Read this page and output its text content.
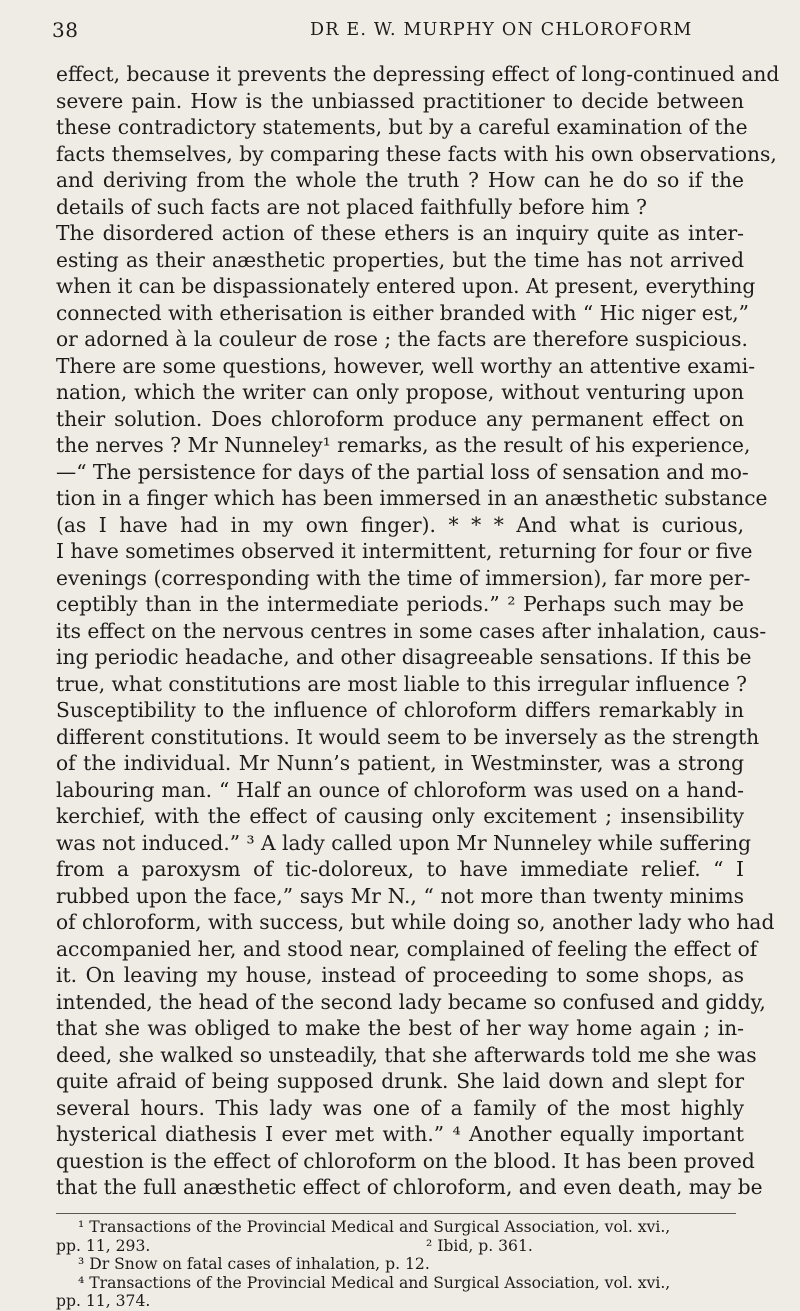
38	DR E. W. MURPHY ON CHLOROFORM
effect, because it prevents the depressing effect of long-continued and
severe pain. How is the unbiassed practitioner to decide between
these contradictory statements, but by a careful examination of the
facts themselves, by comparing these facts with his own observations,
and deriving from the whole the truth ? How can he do so if the
details of such facts are not placed faithfully before him ?
The disordered action of these ethers is an inquiry quite as inter-
esting as their anæsthetic properties, but the time has not arrived
when it can be dispassionately entered upon. At present, everything
connected with etherisation is either branded with “ Hic niger est,”
or adorned à la couleur de rose ; the facts are therefore suspicious.
There are some questions, however, well worthy an attentive exami-
nation, which the writer can only propose, without venturing upon
their solution. Does chloroform produce any permanent effect on
the nerves ? Mr Nunneley¹ remarks, as the result of his experience,
—“ The persistence for days of the partial loss of sensation and mo-
tion in a finger which has been immersed in an anæsthetic substance
(as I have had in my own finger). * * * And what is curious,
I have sometimes observed it intermittent, returning for four or five
evenings (corresponding with the time of immersion), far more per-
ceptibly than in the intermediate periods.” ² Perhaps such may be
its effect on the nervous centres in some cases after inhalation, caus-
ing periodic headache, and other disagreeable sensations. If this be
true, what constitutions are most liable to this irregular influence ?
Susceptibility to the influence of chloroform differs remarkably in
different constitutions. It would seem to be inversely as the strength
of the individual. Mr Nunn’s patient, in Westminster, was a strong
labouring man. “ Half an ounce of chloroform was used on a hand-
kerchief, with the effect of causing only excitement ; insensibility
was not induced.” ³ A lady called upon Mr Nunneley while suffering
from a paroxysm of tic-doloreux, to have immediate relief. “ I
rubbed upon the face,” says Mr N., “ not more than twenty minims
of chloroform, with success, but while doing so, another lady who had
accompanied her, and stood near, complained of feeling the effect of
it. On leaving my house, instead of proceeding to some shops, as
intended, the head of the second lady became so confused and giddy,
that she was obliged to make the best of her way home again ; in-
deed, she walked so unsteadily, that she afterwards told me she was
quite afraid of being supposed drunk. She laid down and slept for
several hours. This lady was one of a family of the most highly
hysterical diathesis I ever met with.” ⁴ Another equally important
question is the effect of chloroform on the blood. It has been proved
that the full anæsthetic effect of chloroform, and even death, may be
¹ Transactions of the Provincial Medical and Surgical Association, vol. xvi.,
pp. 11, 293.	² Ibid, p. 361.
³ Dr Snow on fatal cases of inhalation, p. 12.
⁴ Transactions of the Provincial Medical and Surgical Association, vol. xvi.,
pp. 11, 374.
